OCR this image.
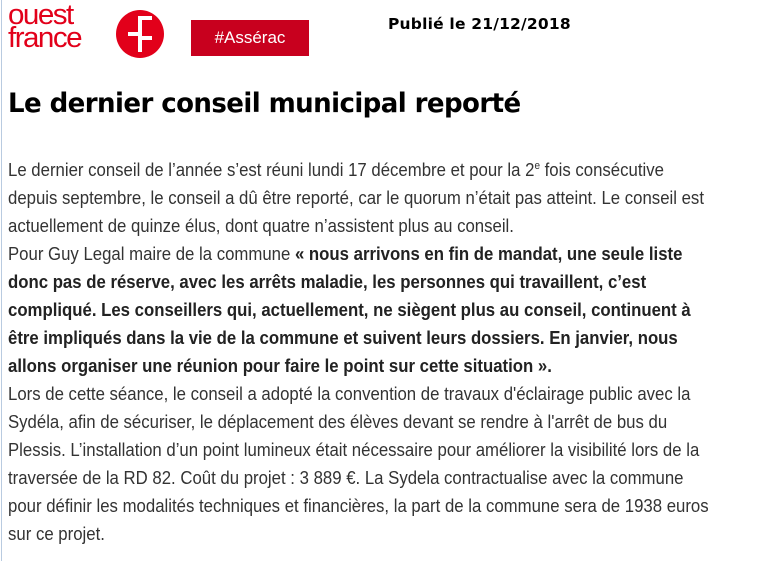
ouest
france	#Assérac
Publié le 21/12/2018
Le dernier conseil municipal reporté
Le dernier conseil de l’année s’est réuni lundi 17 décembre et pour la 2e fois consécutive
depuis septembre, le conseil a dû être reporté, car le quorum n’était pas atteint. Le conseil est
actuellement de quinze élus, dont quatre n’assistent plus au conseil.
Pour Guy Legal maire de la commune « nous arrivons en fin de mandat, une seule liste
donc pas de réserve, avec les arrêts maladie, les personnes qui travaillent, c’est
compliqué. Les conseillers qui, actuellement, ne siègent plus au conseil, continuent à
être impliqués dans la vie de la commune et suivent leurs dossiers. En janvier, nous
allons organiser une réunion pour faire le point sur cette situation ».
Lors de cette séance, le conseil a adopté la convention de travaux d'éclairage public avec la
Sydéla, afin de sécuriser, le déplacement des élèves devant se rendre à l'arrêt de bus du
Plessis. L’installation d’un point lumineux était nécessaire pour améliorer la visibilité lors de la
traversée de la RD 82. Coût du projet : 3 889 €. La Sydela contractualise avec la commune
pour définir les modalités techniques et financières, la part de la commune sera de 1938 euros
sur ce projet.
